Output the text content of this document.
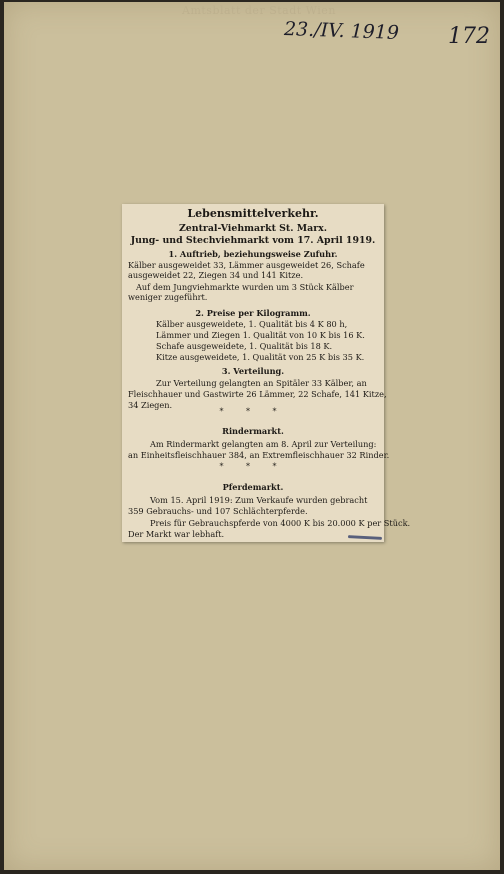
Amtsblatt der Stadt Wien
23./IV. 1919 172
Lebensmittelverkehr.
Zentral-Viehmarkt St. Marx.
Jung- und Stechviehmarkt vom 17. April 1919.
1. Auftrieb, beziehungsweise Zufuhr.
Kälber ausgeweidet 33, Lämmer ausgeweidet 26, Schafe
ausgeweidet 22, Ziegen 34 und 141 Kitze.
Auf dem Jungviehmarkte wurden um 3 Stück Kälber
weniger zugeführt.
2. Preise per Kilogramm.
Kälber ausgeweidete, 1. Qualität bis 4 K 80 h,
Lämmer und Ziegen 1. Qualität von 10 K bis 16 K.
Schafe ausgeweidete, 1. Qualität bis 18 K.
Kitze ausgeweidete, 1. Qualität von 25 K bis 35 K.
3. Verteilung.
Zur Verteilung gelangten an Spitäler 33 Kälber, an
Fleischhauer und Gastwirte 26 Lämmer, 22 Schafe, 141 Kitze,
34 Ziegen.
* * *
Rindermarkt.
Am Rindermarkt gelangten am 8. April zur Verteilung:
an Einheitsfleischhauer 384, an Extremfleischhauer 32 Rinder.
* * *
Pferdemarkt.
Vom 15. April 1919: Zum Verkaufe wurden gebracht
359 Gebrauchs- und 107 Schlächterpferde.
Preis für Gebrauchspferde von 4000 K bis 20.000 K per Stück.
Der Markt war lebhaft.
